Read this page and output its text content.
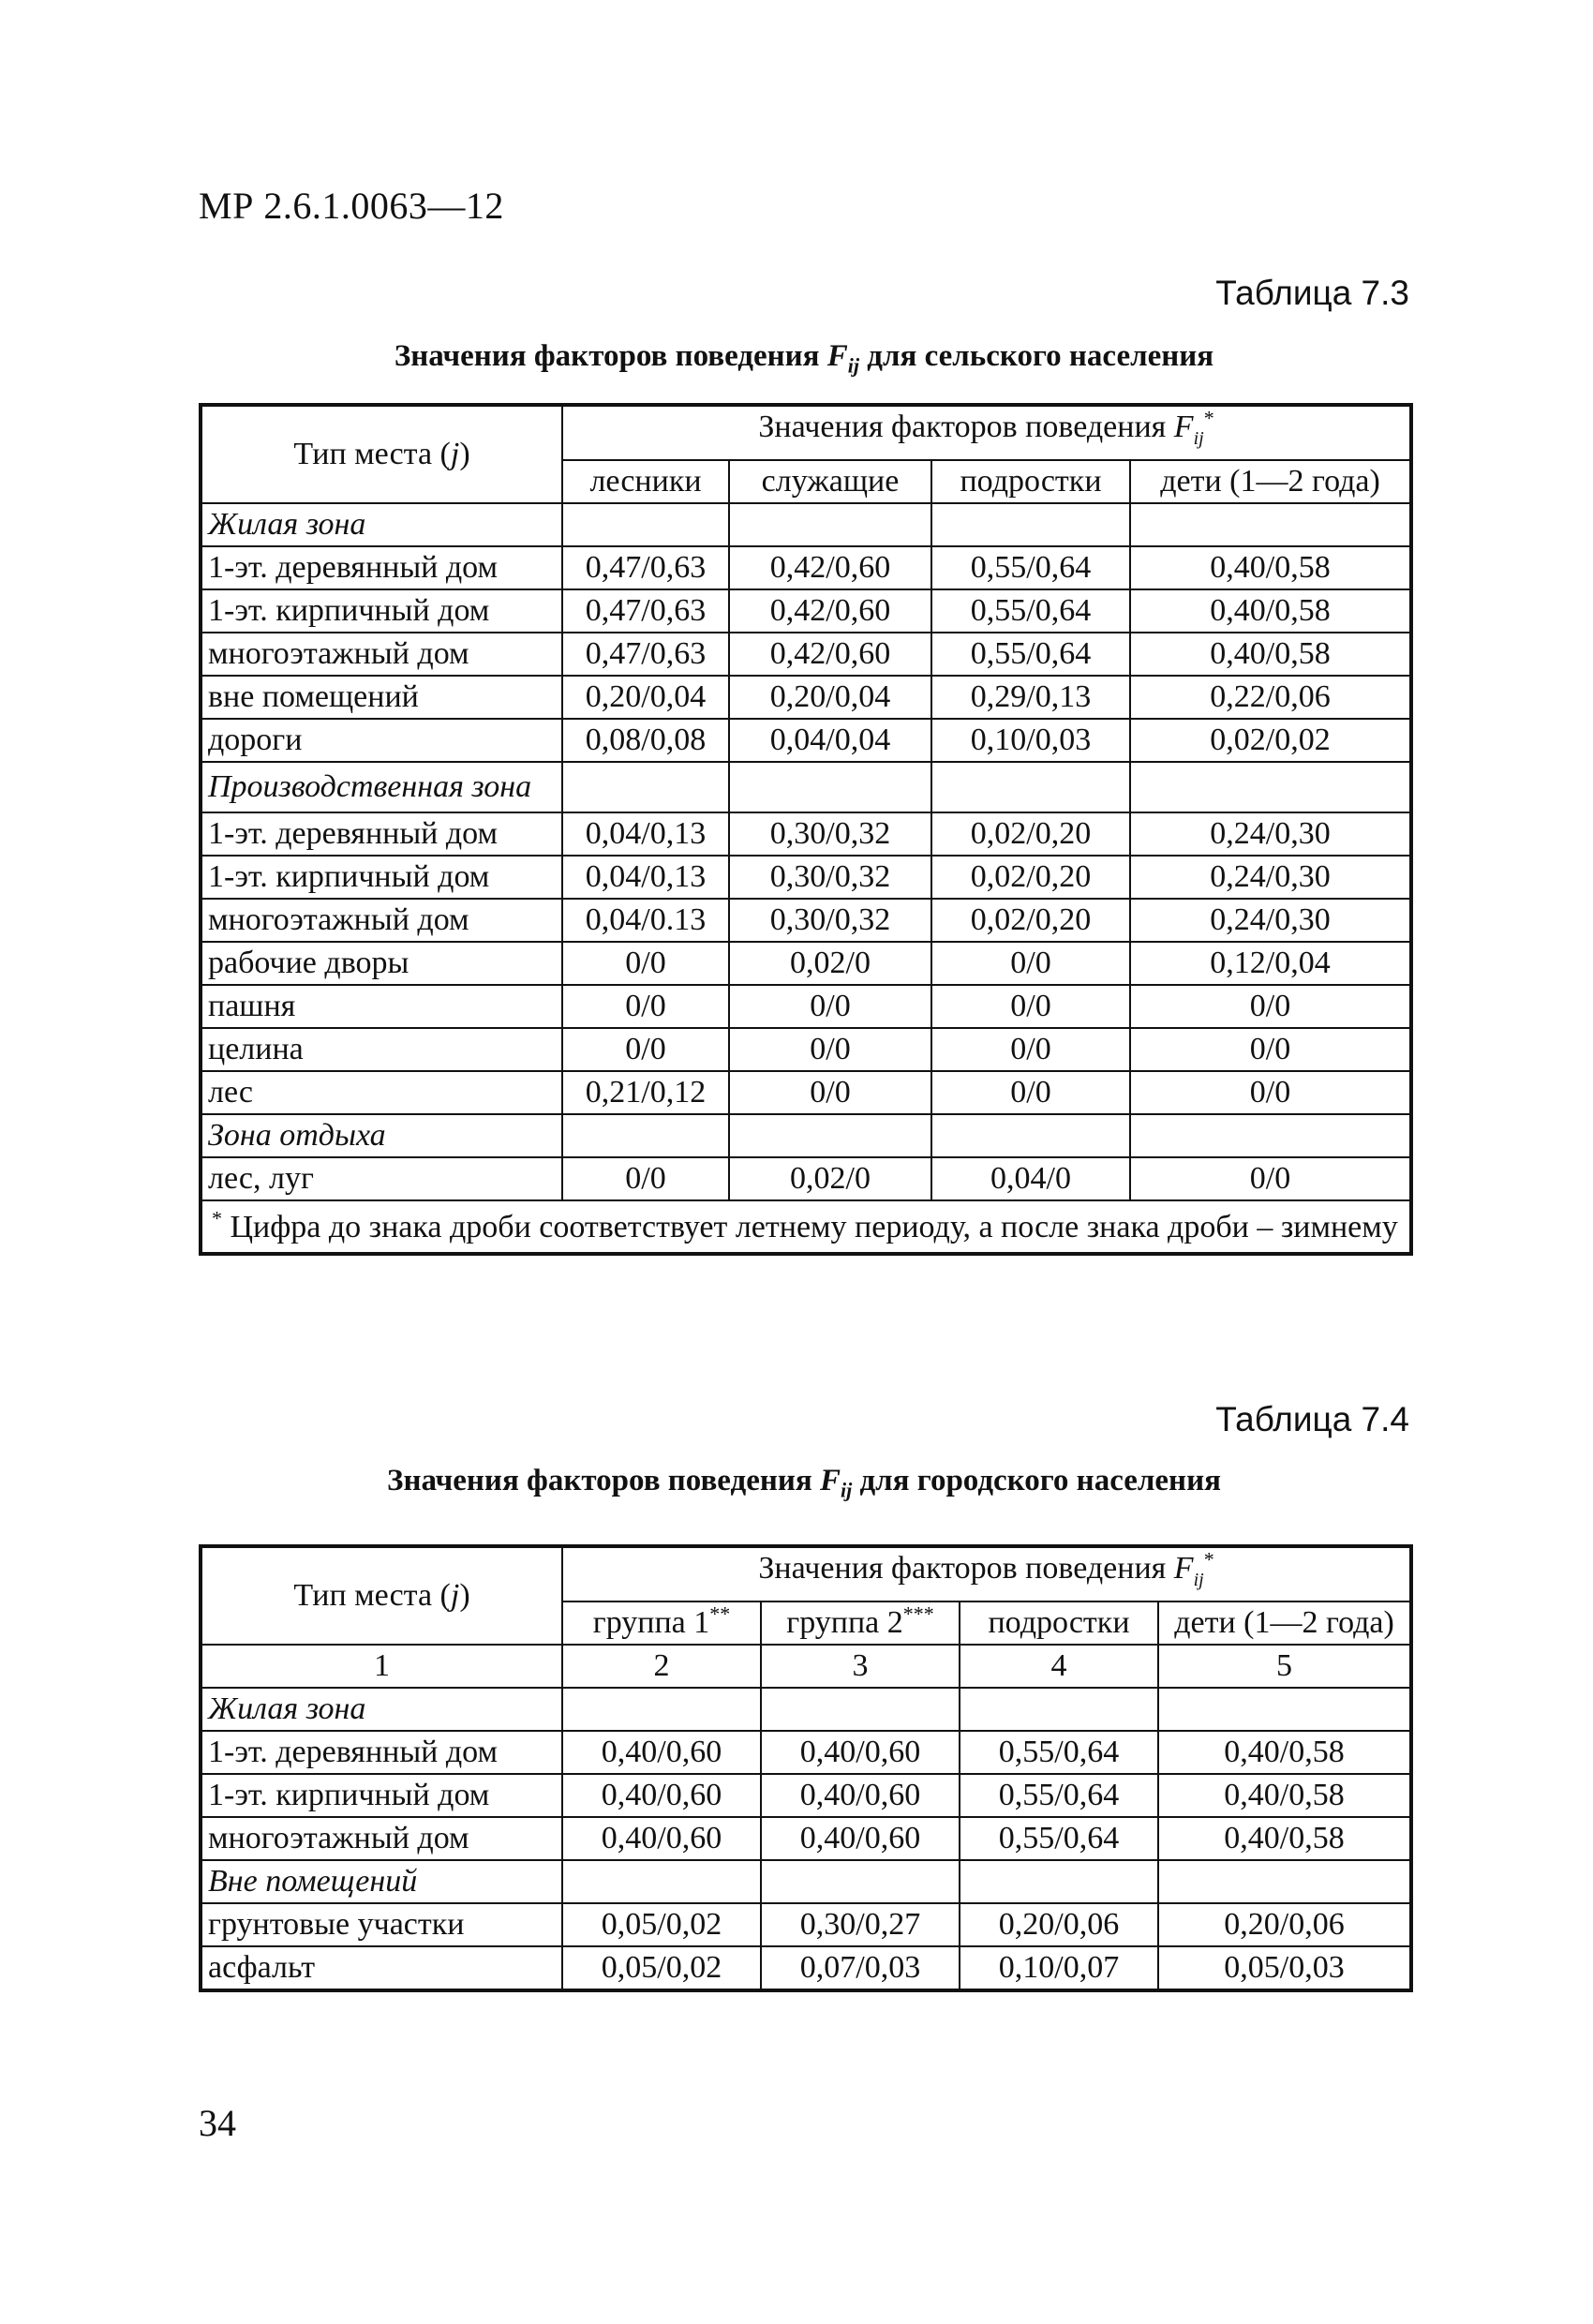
МР 2.6.1.0063—12
Таблица 7.3
Значения факторов поведения $F_{ij}$ для сельского населения
Тип места (j)	Значения факторов поведения $F_{ij}^*$
	лесники	служащие	подростки	дети (1—2 года)
Жилая зона				
1-эт. деревянный дом	0,47/0,63	0,42/0,60	0,55/0,64	0,40/0,58
1-эт. кирпичный дом	0,47/0,63	0,42/0,60	0,55/0,64	0,40/0,58
многоэтажный дом	0,47/0,63	0,42/0,60	0,55/0,64	0,40/0,58
вне помещений	0,20/0,04	0,20/0,04	0,29/0,13	0,22/0,06
дороги	0,08/0,08	0,04/0,04	0,10/0,03	0,02/0,02
Производственная зона				
1-эт. деревянный дом	0,04/0,13	0,30/0,32	0,02/0,20	0,24/0,30
1-эт. кирпичный дом	0,04/0,13	0,30/0,32	0,02/0,20	0,24/0,30
многоэтажный дом	0,04/0.13	0,30/0,32	0,02/0,20	0,24/0,30
рабочие дворы	0/0	0,02/0	0/0	0,12/0,04
пашня	0/0	0/0	0/0	0/0
целина	0/0	0/0	0/0	0/0
лес	0,21/0,12	0/0	0/0	0/0
Зона отдыха				
лес, луг	0/0	0,02/0	0,04/0	0/0
* Цифра до знака дроби соответствует летнему периоду, а после знака дроби – зимнему				
Таблица 7.4
Значения факторов поведения $F_{ij}$ для городского населения
Тип места (j)	Значения факторов поведения $F_{ij}^*$
	группа 1**	группа 2***	подростки	дети (1—2 года)
1	2	3	4	5
Жилая зона				
1-эт. деревянный дом	0,40/0,60	0,40/0,60	0,55/0,64	0,40/0,58
1-эт. кирпичный дом	0,40/0,60	0,40/0,60	0,55/0,64	0,40/0,58
многоэтажный дом	0,40/0,60	0,40/0,60	0,55/0,64	0,40/0,58
Вне помещений				
грунтовые участки	0,05/0,02	0,30/0,27	0,20/0,06	0,20/0,06
асфальт	0,05/0,02	0,07/0,03	0,10/0,07	0,05/0,03
34
